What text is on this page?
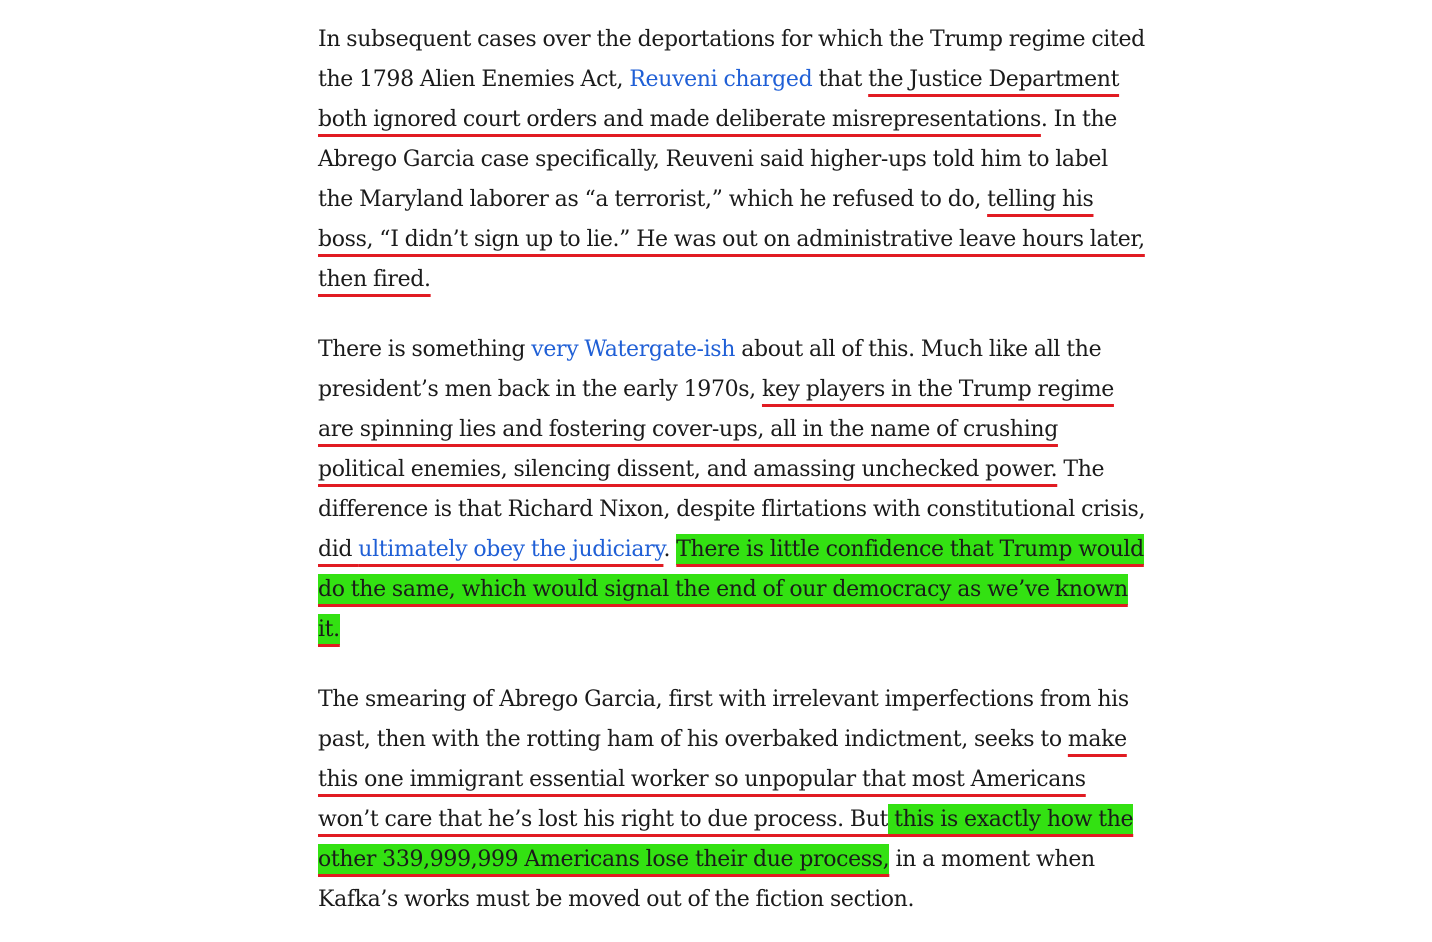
In subsequent cases over the deportations for which the Trump regime cited the 1798 Alien Enemies Act, Reuveni charged that the Justice Department both ignored court orders and made deliberate misrepresentations. In the Abrego Garcia case specifically, Reuveni said higher-ups told him to label the Maryland laborer as “a terrorist,” which he refused to do, telling his boss, “I didn’t sign up to lie.” He was out on administrative leave hours later, then fired.

There is something very Watergate-ish about all of this. Much like all the president’s men back in the early 1970s, key players in the Trump regime are spinning lies and fostering cover-ups, all in the name of crushing political enemies, silencing dissent, and amassing unchecked power. The difference is that Richard Nixon, despite flirtations with constitutional crisis, did ultimately obey the judiciary. There is little confidence that Trump would do the same, which would signal the end of our democracy as we’ve known it.

The smearing of Abrego Garcia, first with irrelevant imperfections from his past, then with the rotting ham of his overbaked indictment, seeks to make this one immigrant essential worker so unpopular that most Americans won’t care that he’s lost his right to due process. But this is exactly how the other 339,999,999 Americans lose their due process, in a moment when Kafka’s works must be moved out of the fiction section.
